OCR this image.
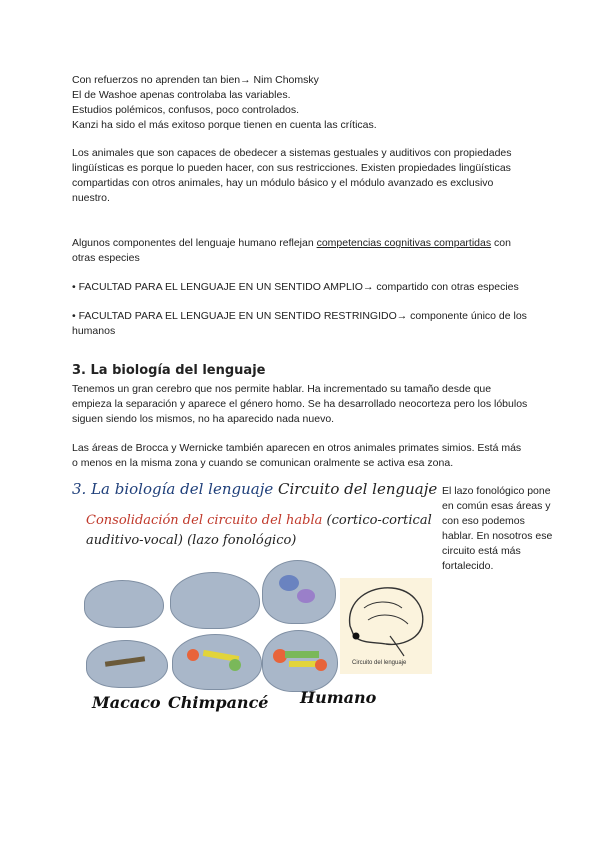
Con refuerzos no aprenden tan bien→ Nim Chomsky

El de Washoe apenas controlaba las variables.

Estudios polémicos, confusos, poco controlados.

Kanzi ha sido el más exitoso porque tienen en cuenta las críticas.

Los animales que son capaces de obedecer a sistemas gestuales y auditivos con propiedades lingüísticas es porque lo pueden hacer, con sus restricciones. Existen propiedades lingüísticas compartidas con otros animales, hay un módulo básico y el módulo avanzado es exclusivo nuestro.

Algunos componentes del lenguaje humano reflejan competencias cognitivas compartidas con otras especies

• FACULTAD PARA EL LENGUAJE EN UN SENTIDO AMPLIO→ compartido con otras especies

• FACULTAD PARA EL LENGUAJE EN UN SENTIDO RESTRINGIDO→ componente único de los humanos

3. La biología del lenguaje

Tenemos un gran cerebro que nos permite hablar. Ha incrementado su tamaño desde que empieza la separación y aparece el género homo. Se ha desarrollado neocorteza pero los lóbulos siguen siendo los mismos, no ha aparecido nada nuevo.

Las áreas de Brocca y Wernicke también aparecen en otros animales primates simios. Está más o menos en la misma zona y cuando se comunican oralmente se activa esa zona.

3. La biología del lenguaje Circuito del lenguaje
Consolidación del circuito del habla (cortico-cortical
auditivo-vocal) (lazo fonológico)
Circuito del lenguaje
Macaco Chimpancé Humano
El lazo fonológico pone en común esas áreas y con eso podemos hablar. En nosotros ese circuito está más fortalecido.
